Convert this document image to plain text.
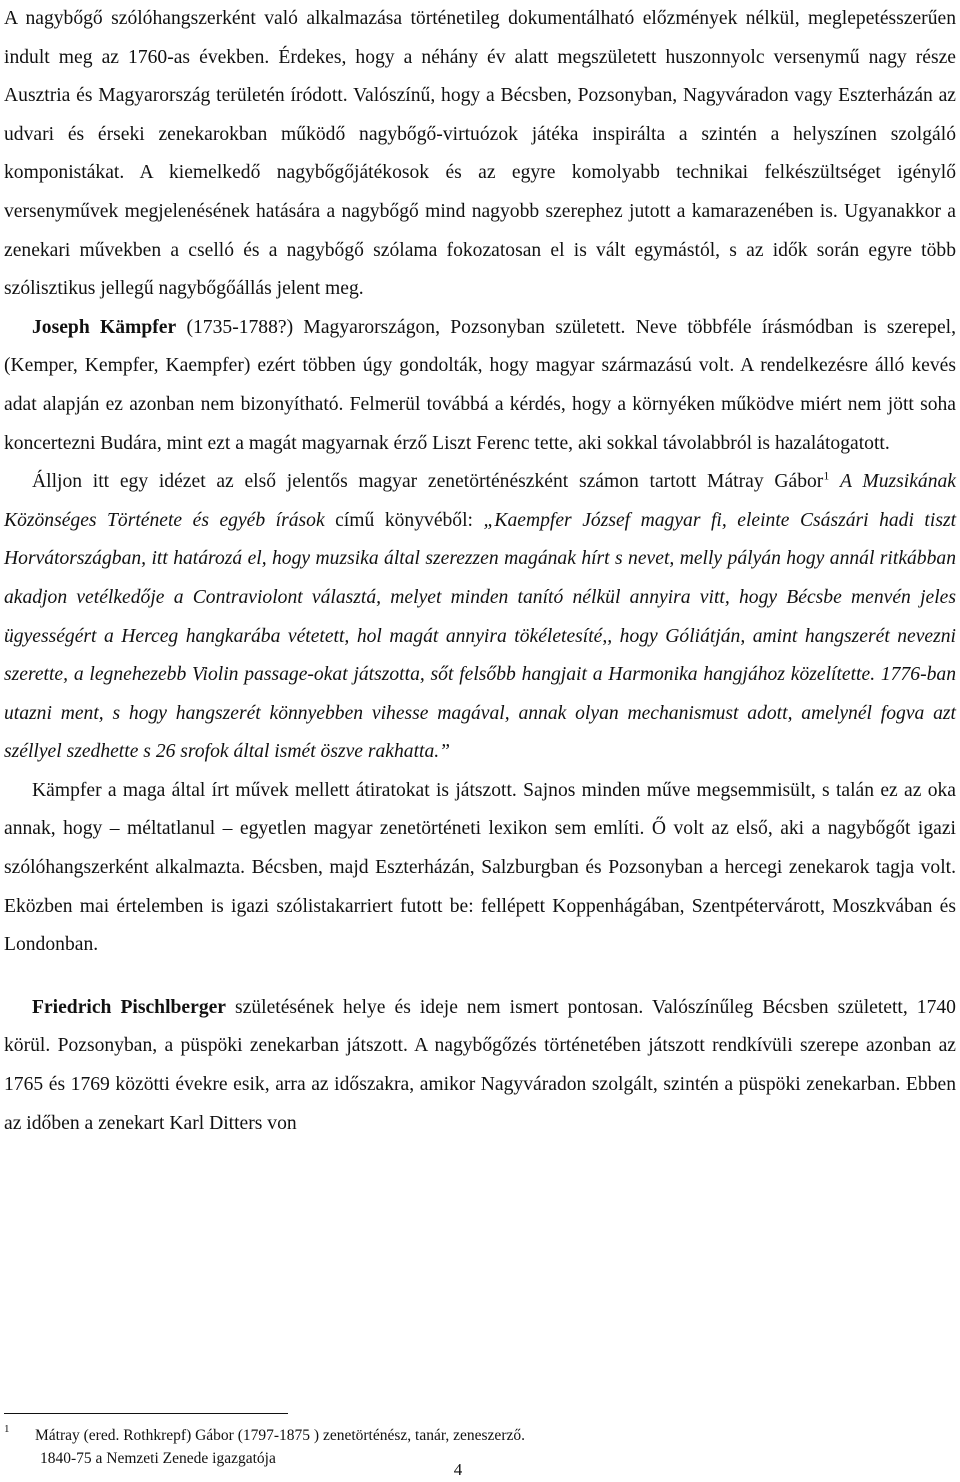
A nagybőgő szólóhangszerként való alkalmazása történetileg dokumentálható előzmények nélkül, meglepetésszerűen indult meg az 1760-as években. Érdekes, hogy a néhány év alatt megszületett huszonnyolc versenymű nagy része Ausztria és Magyarország területén íródott. Valószínű, hogy a Bécsben, Pozsonyban, Nagyváradon vagy Eszterházán az udvari és érseki zenekarokban működő nagybőgő-virtuózok játéka inspirálta a szintén a helyszínen szolgáló komponistákat. A kiemelkedő nagybőgőjátékosok és az egyre komolyabb technikai felkészültséget igénylő versenyművek megjelenésének hatására a nagybőgő mind nagyobb szerephez jutott a kamarazenében is. Ugyanakkor a zenekari művekben a cselló és a nagybőgő szólama fokozatosan el is vált egymástól, s az idők során egyre több szólisztikus jellegű nagybőgőállás jelent meg.

Joseph Kämpfer (1735-1788?) Magyarországon, Pozsonyban született. Neve többféle írásmódban is szerepel, (Kemper, Kempfer, Kaempfer) ezért többen úgy gondolták, hogy magyar származású volt. A rendelkezésre álló kevés adat alapján ez azonban nem bizonyítható. Felmerül továbbá a kérdés, hogy a környéken működve miért nem jött soha koncertezni Budára, mint ezt a magát magyarnak érző Liszt Ferenc tette, aki sokkal távolabbról is hazalátogatott.

Álljon itt egy idézet az első jelentős magyar zenetörténészként számon tartott Mátray Gábor$^1$ A Muzsikának Közönséges Története és egyéb írások című könyvéből: „Kaempfer József magyar fi, eleinte Császári hadi tiszt Horvátországban, itt határozá el, hogy muzsika által szerezzen magának hírt s nevet, melly pályán hogy annál ritkábban akadjon vetélkedője a Contraviolont választá, melyet minden tanító nélkül annyira vitt, hogy Bécsbe menvén jeles ügyességért a Herceg hangkarába vétetett, hol magát annyira tökéletesíté,, hogy Góliátján, amint hangszerét nevezni szerette, a legnehezebb Violin passage-okat játszotta, sőt felsőbb hangjait a Harmonika hangjához közelítette. 1776-ban utazni ment, s hogy hangszerét könnyebben vihesse magával, annak olyan mechanismust adott, amelynél fogva azt széllyel szedhette s 26 srofok által ismét öszve rakhatta.”

Kämpfer a maga által írt művek mellett átiratokat is játszott. Sajnos minden műve megsemmisült, s talán ez az oka annak, hogy – méltatlanul – egyetlen magyar zenetörténeti lexikon sem említi. Ő volt az első, aki a nagybőgőt igazi szólóhangszerként alkalmazta. Bécsben, majd Eszterházán, Salzburgban és Pozsonyban a hercegi zenekarok tagja volt. Eközben mai értelemben is igazi szólistakarriert futott be: fellépett Koppenhágában, Szentpétervárott, Moszkvában és Londonban.

Friedrich Pischlberger születésének helye és ideje nem ismert pontosan. Valószínűleg Bécsben született, 1740 körül. Pozsonyban, a püspöki zenekarban játszott. A nagybőgőzés történetében játszott rendkívüli szerepe azonban az 1765 és 1769 közötti évekre esik, arra az időszakra, amikor Nagyváradon szolgált, szintén a püspöki zenekarban. Ebben az időben a zenekart Karl Ditters von

1	Mátray (ered. Rothkrepf) Gábor (1797-1875 ) zenetörténész, tanár, zeneszerző.
1840-75 a Nemzeti Zenede igazgatója
4
